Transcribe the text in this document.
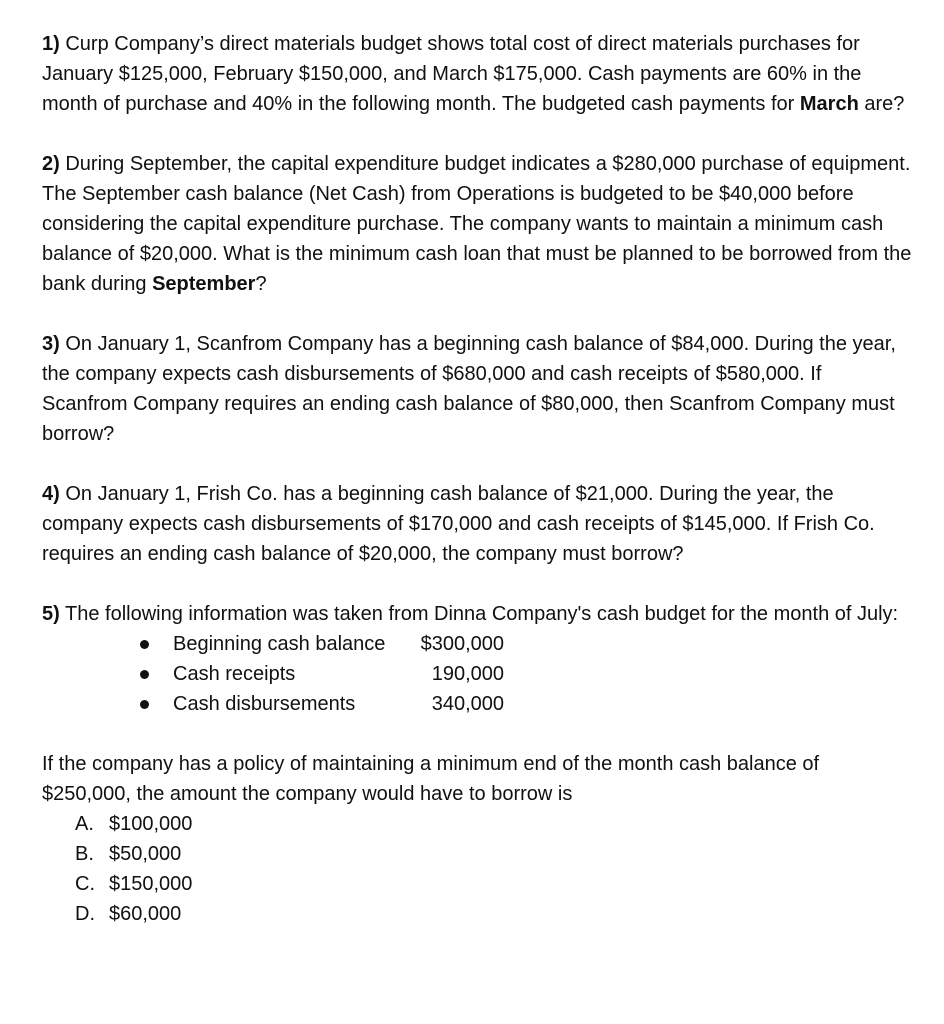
1) Curp Company’s direct materials budget shows total cost of direct materials purchases for January $125,000, February $150,000, and March $175,000. Cash payments are 60% in the month of purchase and 40% in the following month. The budgeted cash payments for March are?

2) During September, the capital expenditure budget indicates a $280,000 purchase of equipment. The September cash balance (Net Cash) from Operations is budgeted to be $40,000 before considering the capital expenditure purchase. The company wants to maintain a minimum cash balance of $20,000. What is the minimum cash loan that must be planned to be borrowed from the bank during September?

3) On January 1, Scanfrom Company has a beginning cash balance of $84,000. During the year, the company expects cash disbursements of $680,000 and cash receipts of $580,000. If Scanfrom Company requires an ending cash balance of $80,000, then Scanfrom Company must borrow?

4) On January 1, Frish Co. has a beginning cash balance of $21,000. During the year, the company expects cash disbursements of $170,000 and cash receipts of $145,000. If Frish Co. requires an ending cash balance of $20,000, the company must borrow?

5) The following information was taken from Dinna Company's cash budget for the month of July:

Beginning cash balance $300,000
Cash receipts	190,000
Cash disbursements	340,000

If the company has a policy of maintaining a minimum end of the month cash balance of $250,000, the amount the company would have to borrow is

A. $100,000
B. $50,000
C. $150,000
D. $60,000
